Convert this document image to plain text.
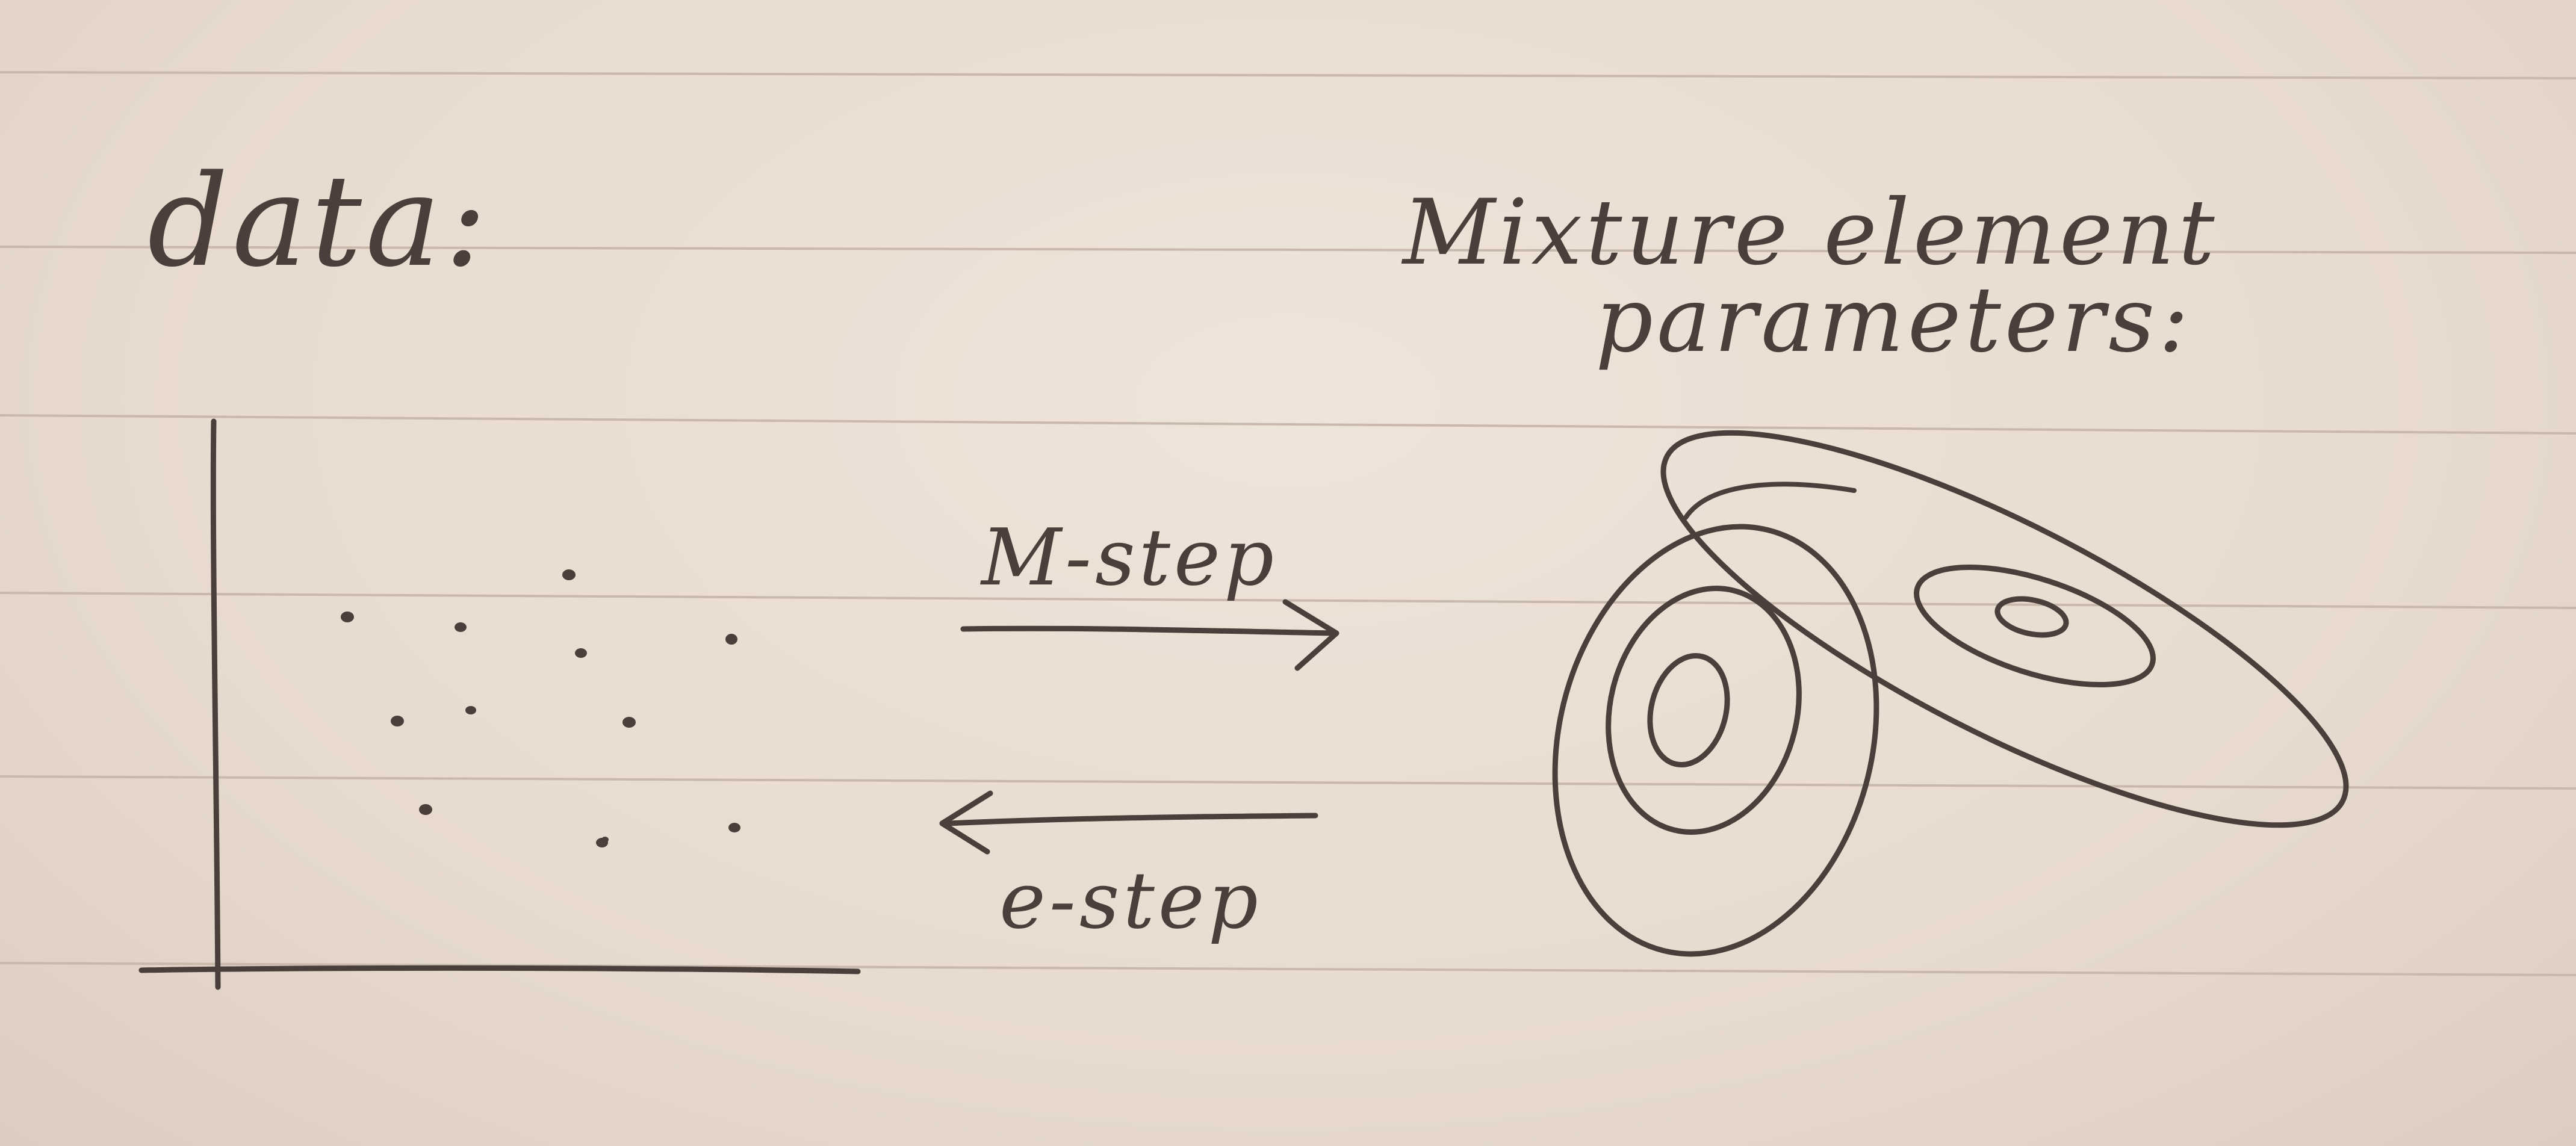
data:	Mixture element

parameters:

M-step

e-step
